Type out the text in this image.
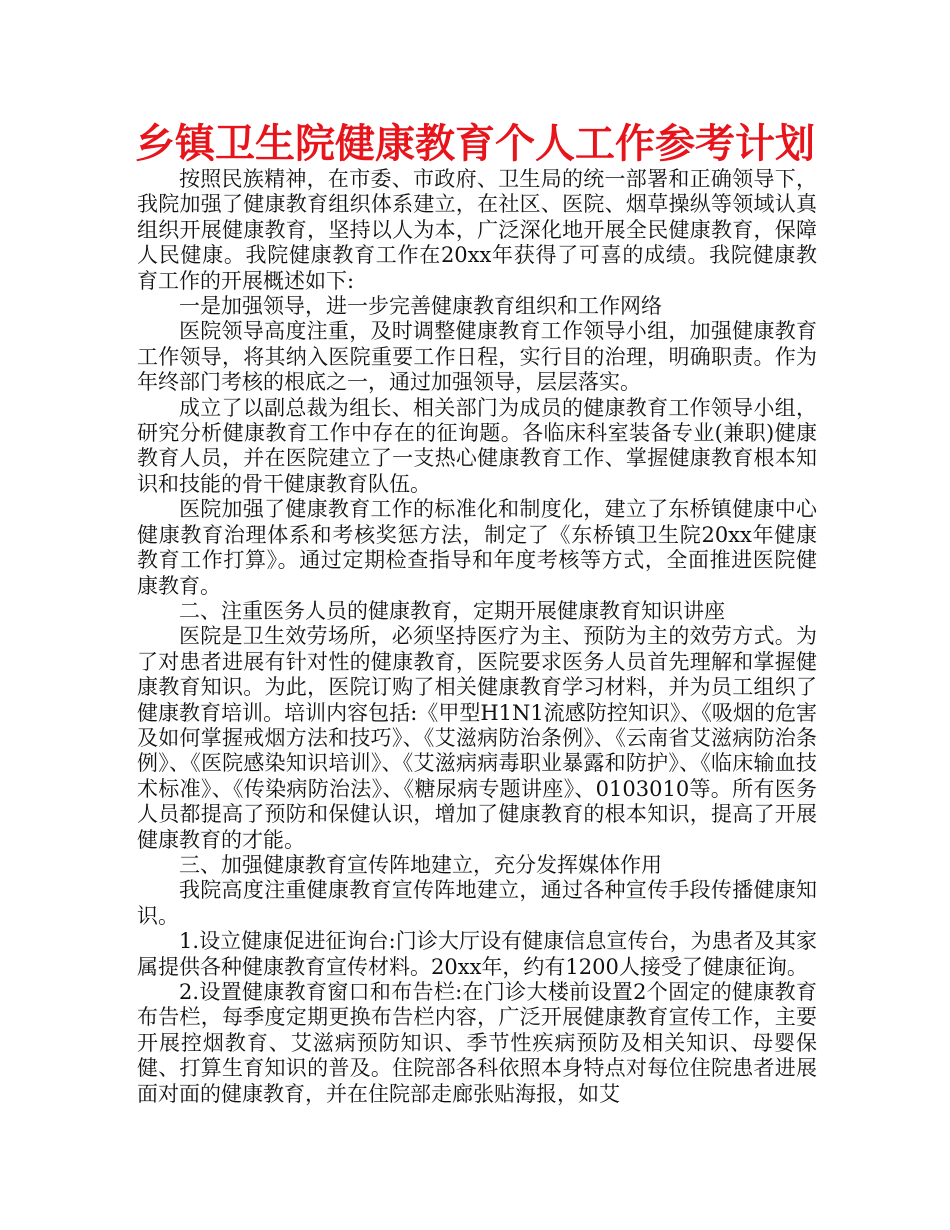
乡镇卫生院健康教育个人工作参考计划

按照民族精神，在市委、市政府、卫生局的统一部署和正确领导下，我院加强了健康教育组织体系建立，在社区、医院、烟草操纵等领域认真组织开展健康教育，坚持以人为本，广泛深化地开展全民健康教育，保障人民健康。我院健康教育工作在20xx年获得了可喜的成绩。我院健康教育工作的开展概述如下:

一是加强领导，进一步完善健康教育组织和工作网络

医院领导高度注重，及时调整健康教育工作领导小组，加强健康教育工作领导，将其纳入医院重要工作日程，实行目的治理，明确职责。作为年终部门考核的根底之一，通过加强领导，层层落实。

成立了以副总裁为组长、相关部门为成员的健康教育工作领导小组，研究分析健康教育工作中存在的征询题。各临床科室装备专业(兼职)健康教育人员，并在医院建立了一支热心健康教育工作、掌握健康教育根本知识和技能的骨干健康教育队伍。

医院加强了健康教育工作的标准化和制度化，建立了东桥镇健康中心健康教育治理体系和考核奖惩方法，制定了《东桥镇卫生院20xx年健康教育工作打算》。通过定期检查指导和年度考核等方式，全面推进医院健康教育。

二、注重医务人员的健康教育，定期开展健康教育知识讲座

医院是卫生效劳场所，必须坚持医疗为主、预防为主的效劳方式。为了对患者进展有针对性的健康教育，医院要求医务人员首先理解和掌握健康教育知识。为此，医院订购了相关健康教育学习材料，并为员工组织了健康教育培训。培训内容包括:《甲型H1N1流感防控知识》、《吸烟的危害及如何掌握戒烟方法和技巧》、《艾滋病防治条例》、《云南省艾滋病防治条例》、《医院感染知识培训》、《艾滋病病毒职业暴露和防护》、《临床输血技术标准》、《传染病防治法》、《糖尿病专题讲座》、0103010等。所有医务人员都提高了预防和保健认识，增加了健康教育的根本知识，提高了开展健康教育的才能。

三、加强健康教育宣传阵地建立，充分发挥媒体作用

我院高度注重健康教育宣传阵地建立，通过各种宣传手段传播健康知识。

1.设立健康促进征询台:门诊大厅设有健康信息宣传台，为患者及其家属提供各种健康教育宣传材料。20xx年，约有1200人接受了健康征询。

2.设置健康教育窗口和布告栏:在门诊大楼前设置2个固定的健康教育布告栏，每季度定期更换布告栏内容，广泛开展健康教育宣传工作，主要开展控烟教育、艾滋病预防知识、季节性疾病预防及相关知识、母婴保健、打算生育知识的普及。住院部各科依照本身特点对每位住院患者进展面对面的健康教育，并在住院部走廊张贴海报，如艾
